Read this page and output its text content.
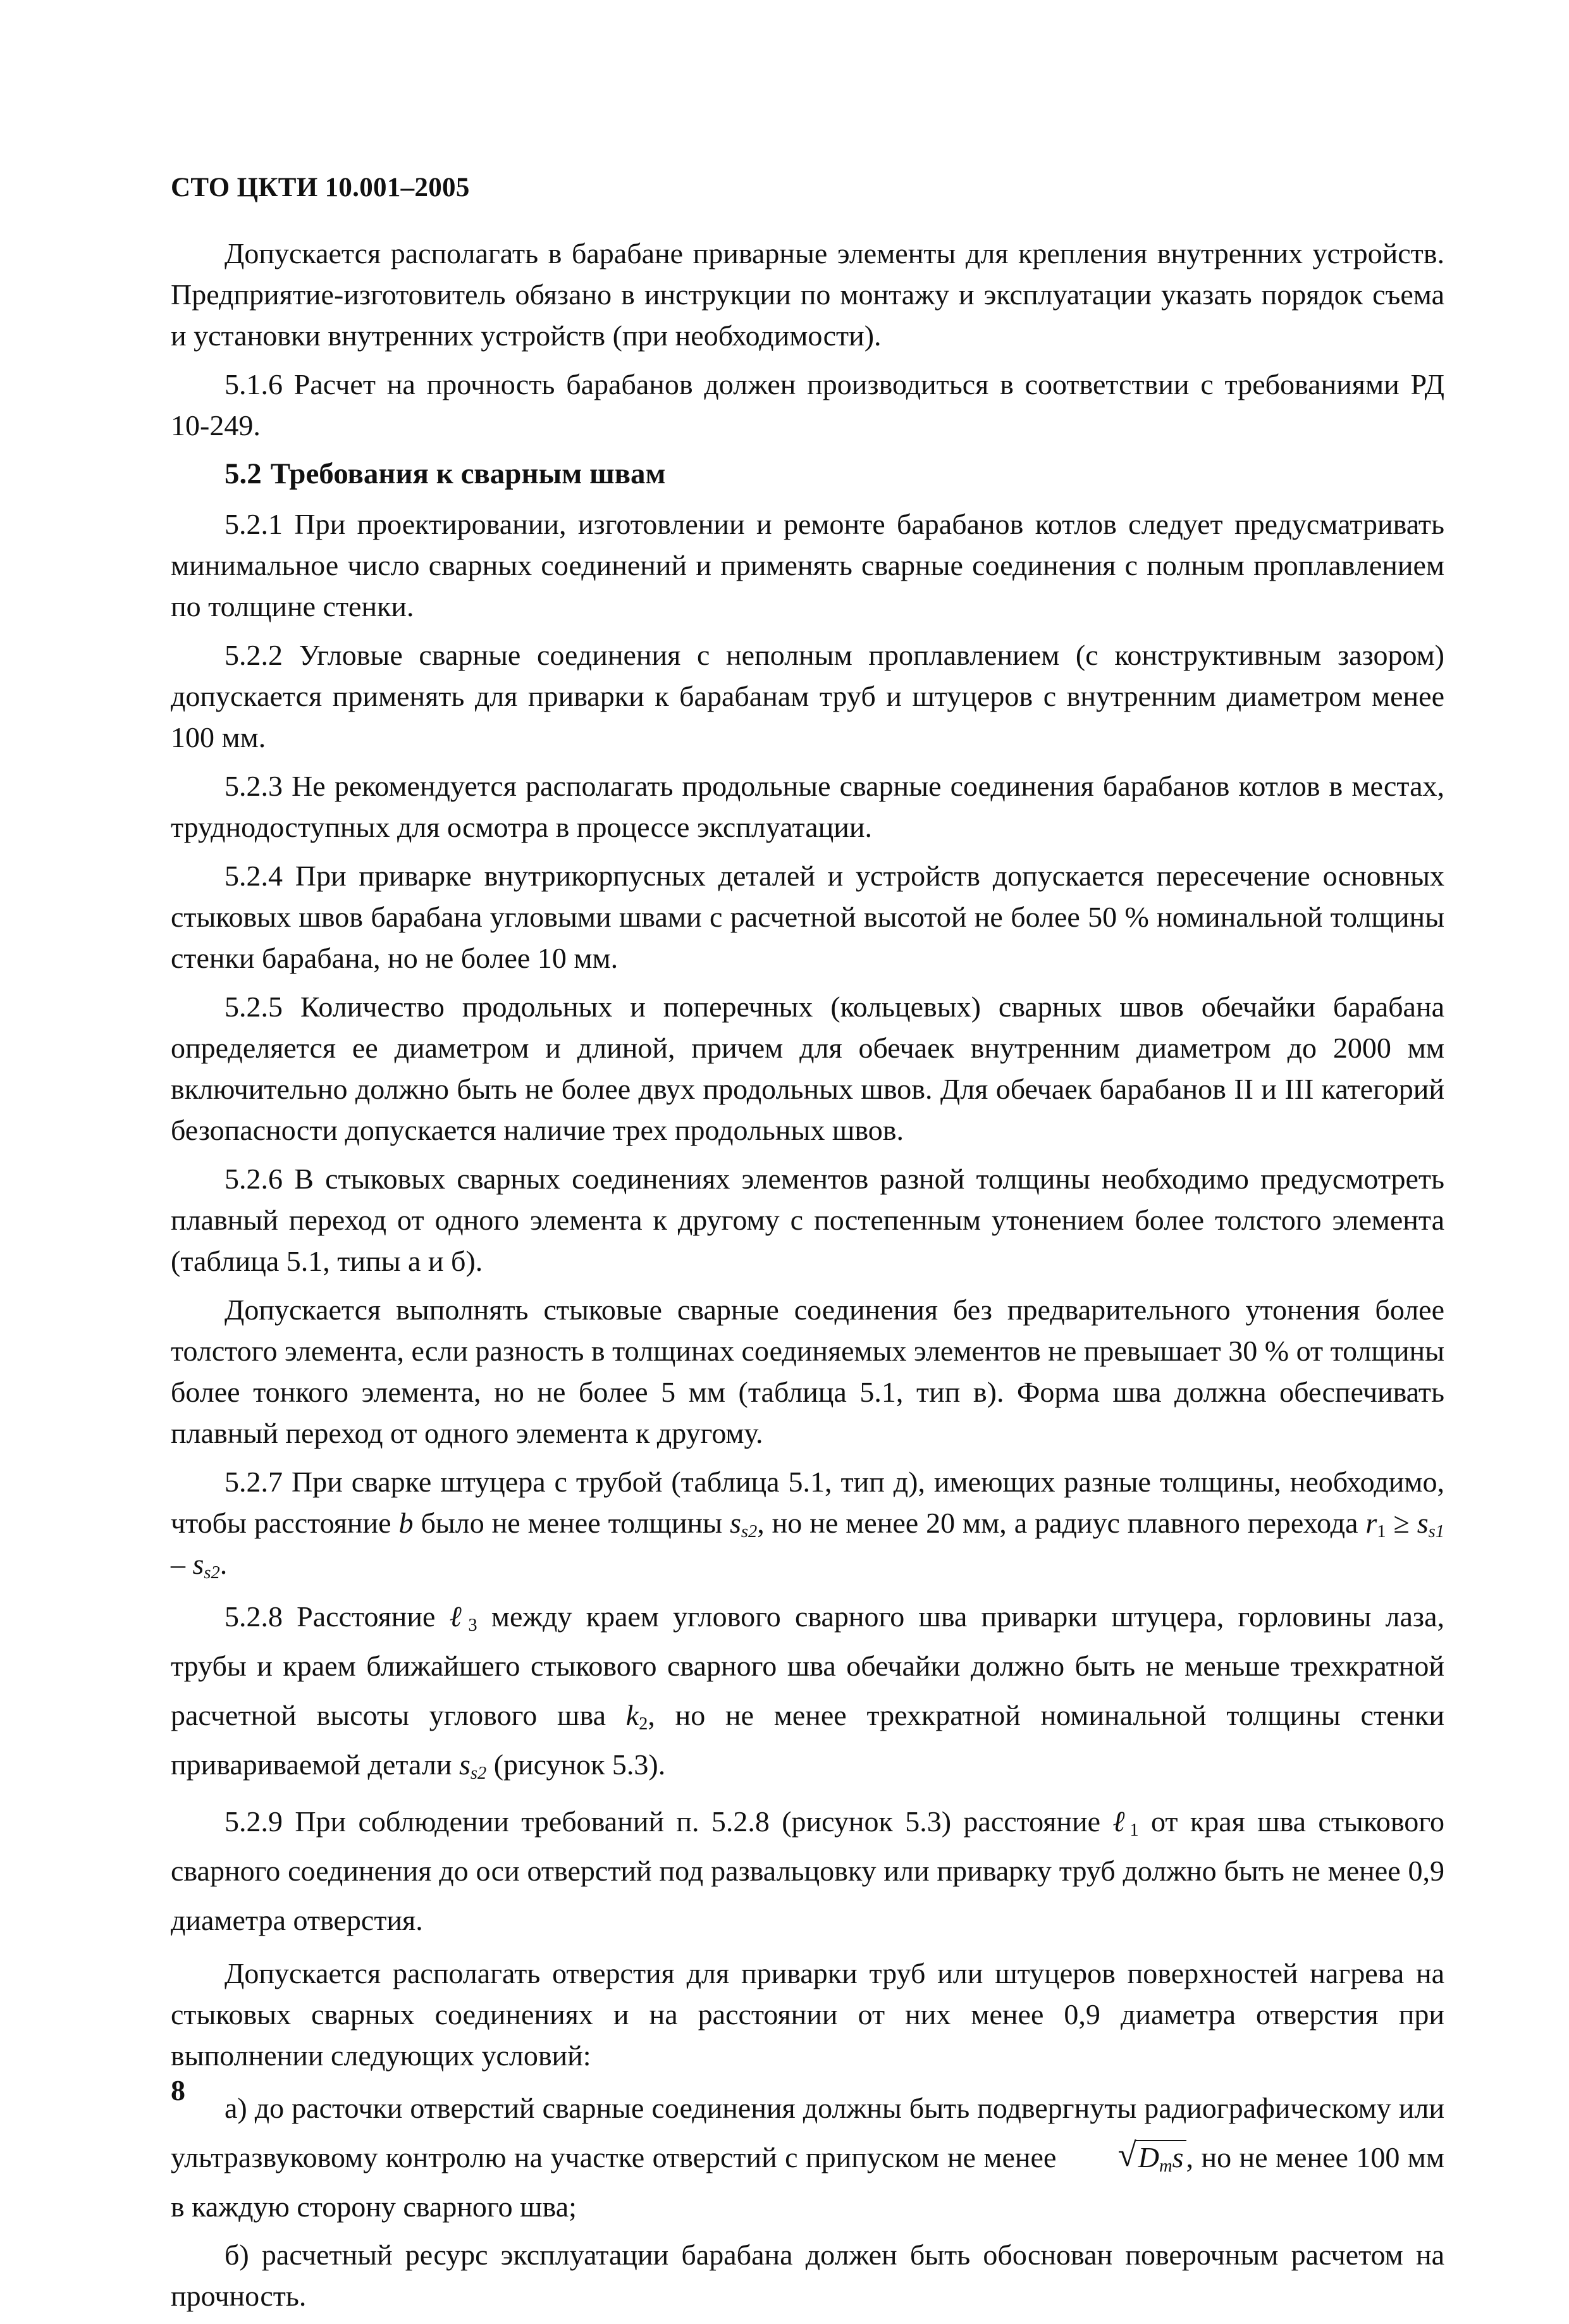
СТО ЦКТИ 10.001–2005

Допускается располагать в барабане приварные элементы для крепления внутренних устройств. Предприятие-изготовитель обязано в инструкции по монтажу и эксплуатации указать порядок съема и установки внутренних устройств (при необходимости).

5.1.6 Расчет на прочность барабанов должен производиться в соответствии с требованиями РД 10-249.

5.2 Требования к сварным швам

5.2.1 При проектировании, изготовлении и ремонте барабанов котлов следует предусматривать минимальное число сварных соединений и применять сварные соединения с полным проплавлением по толщине стенки.

5.2.2 Угловые сварные соединения с неполным проплавлением (с конструктивным зазором) допускается применять для приварки к барабанам труб и штуцеров с внутренним диаметром менее 100 мм.

5.2.3 Не рекомендуется располагать продольные сварные соединения барабанов котлов в местах, труднодоступных для осмотра в процессе эксплуатации.

5.2.4 При приварке внутрикорпусных деталей и устройств допускается пересечение основных стыковых швов барабана угловыми швами с расчетной высотой не более 50 % номинальной толщины стенки барабана, но не более 10 мм.

5.2.5 Количество продольных и поперечных (кольцевых) сварных швов обечайки барабана определяется ее диаметром и длиной, причем для обечаек внутренним диаметром до 2000 мм включительно должно быть не более двух продольных швов. Для обечаек барабанов II и III категорий безопасности допускается наличие трех продольных швов.

5.2.6 В стыковых сварных соединениях элементов разной толщины необходимо предусмотреть плавный переход от одного элемента к другому с постепенным утонением более толстого элемента (таблица 5.1, типы а и б).

Допускается выполнять стыковые сварные соединения без предварительного утонения более толстого элемента, если разность в толщинах соединяемых элементов не превышает 30 % от толщины более тонкого элемента, но не более 5 мм (таблица 5.1, тип в). Форма шва должна обеспечивать плавный переход от одного элемента к другому.

5.2.7 При сварке штуцера с трубой (таблица 5.1, тип д), имеющих разные толщины, необходимо, чтобы расстояние b было не менее толщины $s_{s2}$, но не менее 20 мм, а радиус плавного перехода $r_1 \ge s_{s1} - s_{s2}$.

5.2.8 Расстояние ℓ$_3$ между краем углового сварного шва приварки штуцера, горловины лаза, трубы и краем ближайшего стыкового сварного шва обечайки должно быть не меньше трехкратной расчетной высоты углового шва $k_2$, но не менее трехкратной номинальной толщины стенки привариваемой детали $s_{s2}$ (рисунок 5.3).

5.2.9 При соблюдении требований п. 5.2.8 (рисунок 5.3) расстояние ℓ$_1$ от края шва стыкового сварного соединения до оси отверстий под развальцовку или приварку труб должно быть не менее 0,9 диаметра отверстия.

Допускается располагать отверстия для приварки труб или штуцеров поверхностей нагрева на стыковых сварных соединениях и на расстоянии от них менее 0,9 диаметра отверстия при выполнении следующих условий:

а) до расточки отверстий сварные соединения должны быть подвергнуты радиографическому или ультразвуковому контролю на участке отверстий с припуском не менее	√ $D_ms$, но не менее 100 мм в каждую сторону сварного шва;

б) расчетный ресурс эксплуатации барабана должен быть обоснован поверочным расчетом на прочность.

8
